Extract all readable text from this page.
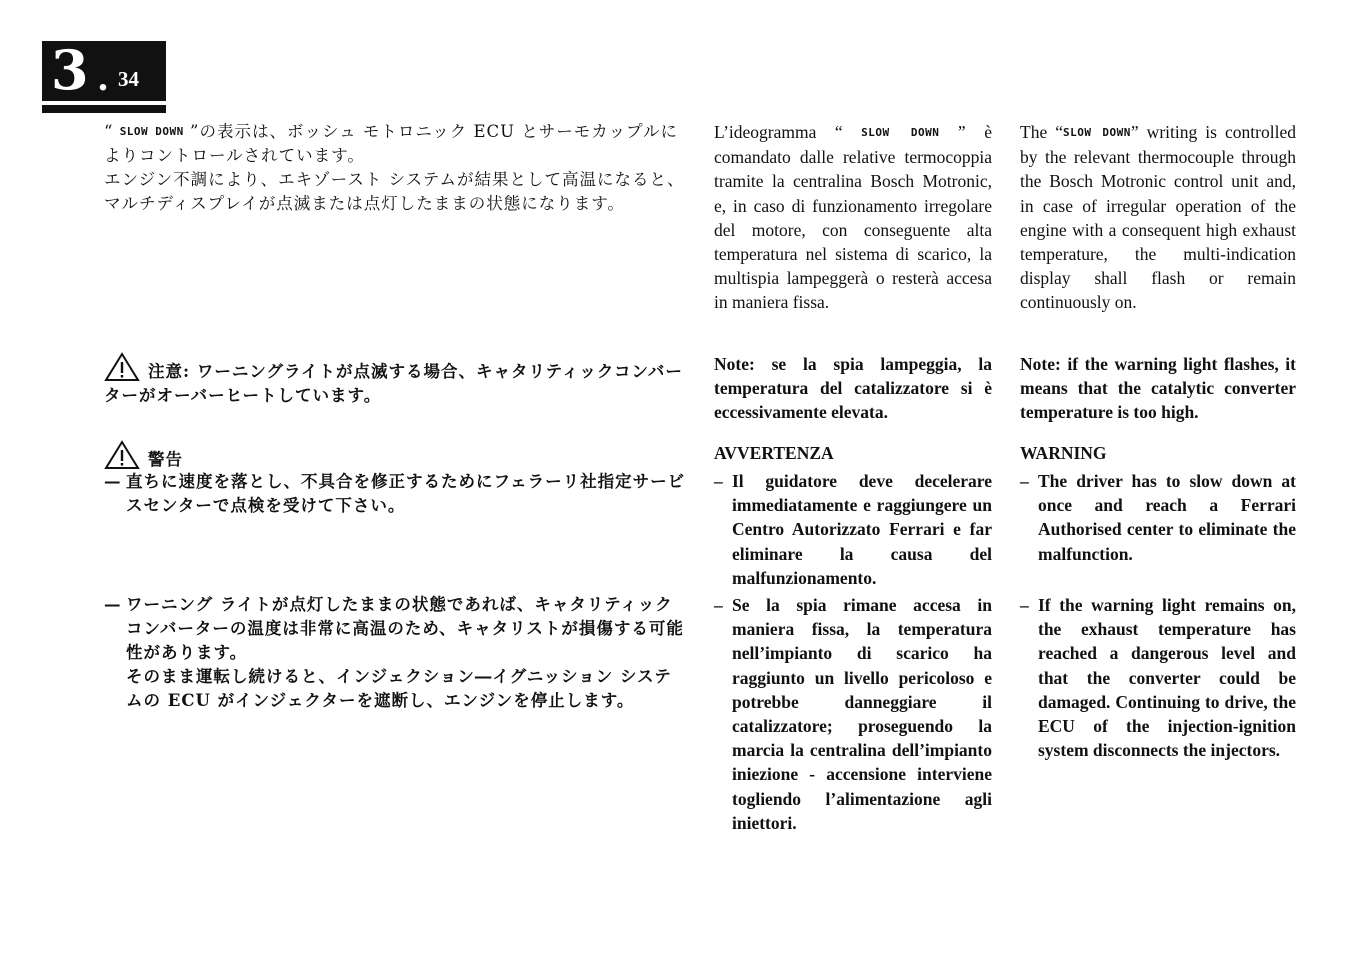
3 . 34
“ SLOW DOWN ”の表示は、ボッシュ モトロニック ECU とサーモカップルによりコントロールされています。
エンジン不調により、エキゾースト システムが結果として高温になると、マルチディスプレイが点滅または点灯したままの状態になります。
注意: ワーニングライトが点滅する場合、キャタリティックコンバーターがオーバーヒートしています。
警告
— 直ちに速度を落とし、不具合を修正するためにフェラーリ社指定サービスセンターで点検を受けて下さい。
— ワーニング ライトが点灯したままの状態であれば、キャタリティックコンバーターの温度は非常に高温のため、キャタリストが損傷する可能性があります。
そのまま運転し続けると、インジェクション―イグニッション システムの ECU がインジェクターを遮断し、エンジンを停止します。
L’ideogramma “ SLOW DOWN ” è comandato dalle relative termocoppia tramite la centralina Bosch Motronic, e, in caso di funzionamento irregolare del motore, con conseguente alta temperatura nel sistema di scarico, la multispia lampeggerà o resterà accesa in maniera fissa.
Note: se la spia lampeggia, la temperatura del catalizzatore si è eccessivamente elevata.
AVVERTENZA
– Il guidatore deve decelerare immediatamente e raggiungere un Centro Autorizzato Ferrari e far eliminare la causa del malfunzionamento.
– Se la spia rimane accesa in maniera fissa, la temperatura nell’impianto di scarico ha raggiunto un livello pericoloso e potrebbe danneggiare il catalizzatore; proseguendo la marcia la centralina dell’impianto iniezione - accensione interviene togliendo l’alimentazione agli iniettori.
The “SLOW DOWN” writing is controlled by the relevant thermocouple through the Bosch Motronic control unit and, in case of irregular operation of the engine with a consequent high exhaust temperature, the multi-indication display shall flash or remain continuously on.
Note: if the warning light flashes, it means that the catalytic converter temperature is too high.
WARNING
– The driver has to slow down at once and reach a Ferrari Authorised center to eliminate the malfunction.
– If the warning light remains on, the exhaust temperature has reached a dangerous level and that the converter could be damaged. Continuing to drive, the ECU of the injection-ignition system disconnects the injectors.
